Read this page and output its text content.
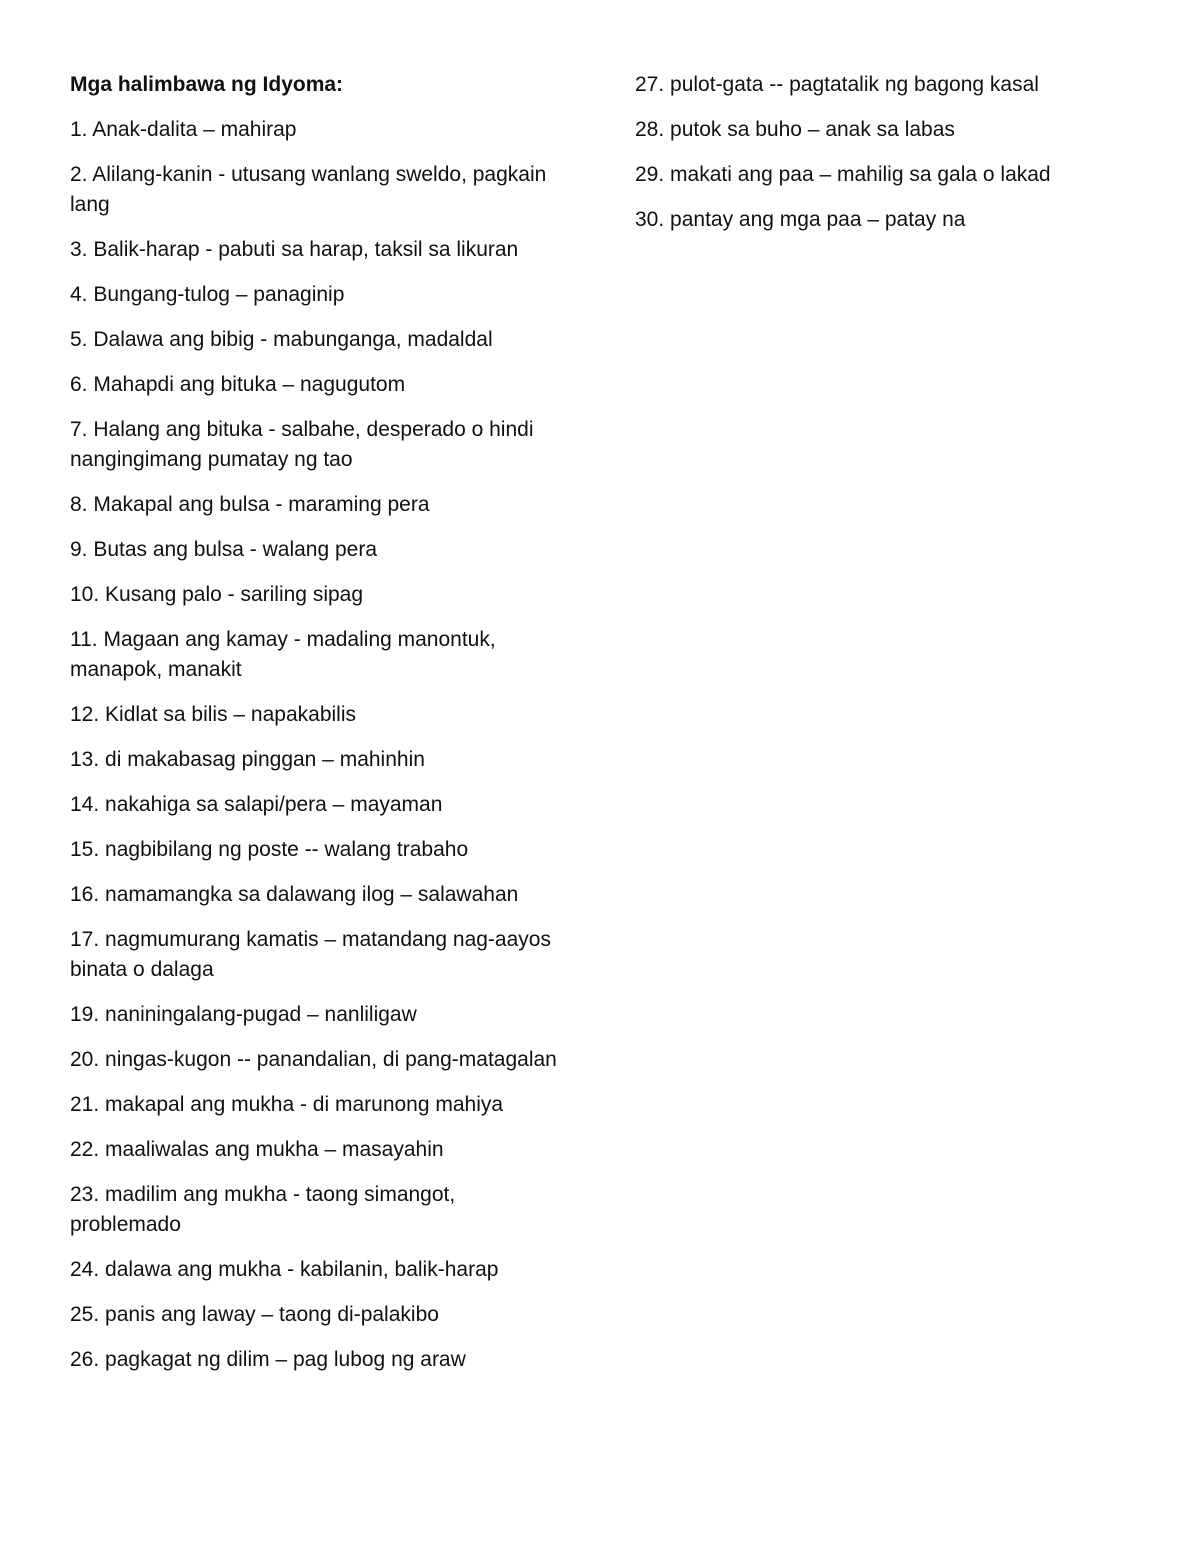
Mga halimbawa ng Idyoma:
1. Anak-dalita – mahirap
2. Alilang-kanin - utusang wanlang sweldo, pagkain lang
3. Balik-harap - pabuti sa harap, taksil sa likuran
4. Bungang-tulog – panaginip
5. Dalawa ang bibig - mabunganga, madaldal
6. Mahapdi ang bituka – nagugutom
7. Halang ang bituka - salbahe, desperado o hindi nangingimang pumatay ng tao
8. Makapal ang bulsa - maraming pera
9. Butas ang bulsa - walang pera
10. Kusang palo - sariling sipag
11. Magaan ang kamay - madaling manontuk, manapok, manakit
12. Kidlat sa bilis – napakabilis
13. di makabasag pinggan – mahinhin
14. nakahiga sa salapi/pera – mayaman
15. nagbibilang ng poste -- walang trabaho
16. namamangka sa dalawang ilog – salawahan
17. nagmumurang kamatis – matandang nag-aayos binata o dalaga
19. naniningalang-pugad – nanliligaw
20. ningas-kugon -- panandalian, di pang-matagalan
21. makapal ang mukha - di marunong mahiya
22. maaliwalas ang mukha – masayahin
23. madilim ang mukha - taong simangot, problemado
24. dalawa ang mukha - kabilanin, balik-harap
25. panis ang laway – taong di-palakibo
26. pagkagat ng dilim – pag lubog ng araw
27. pulot-gata -- pagtatalik ng bagong kasal
28. putok sa buho – anak sa labas
29. makati ang paa – mahilig sa gala o lakad
30. pantay ang mga paa – patay na
